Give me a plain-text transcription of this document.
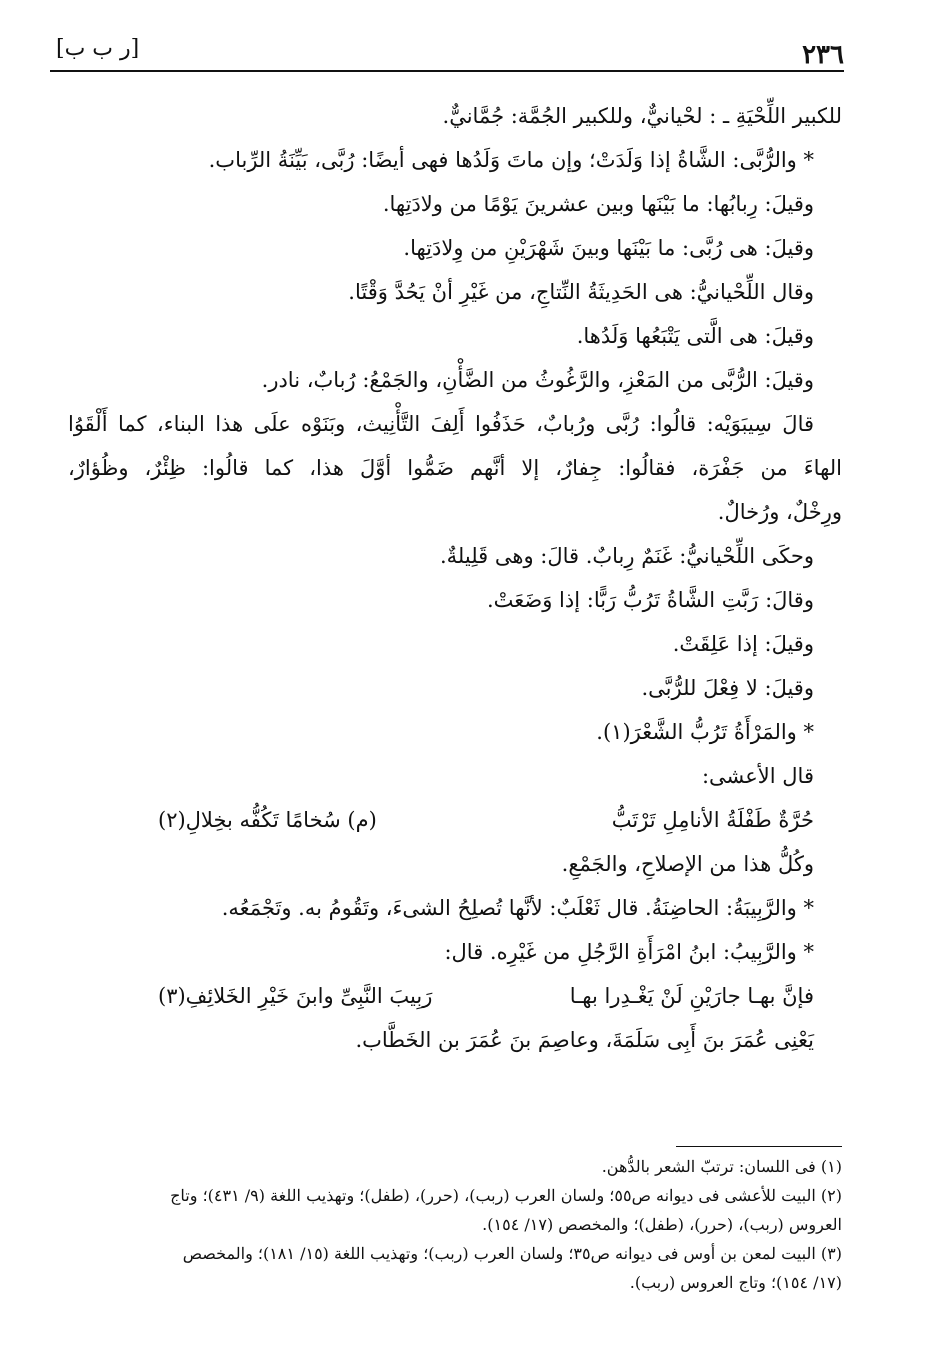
٢٣٦
[ر ب ب]
للكبير اللِّحْيَةِ ـ : لحْيانيٌّ، وللكبير الجُمَّة: جُمَّانيٌّ.
* والرُّبَّى: الشَّاةُ إذا وَلَدَتْ؛ وإن ماتَ وَلَدُها فهى أيضًا: رُبَّى، بَيِّنَةُ الرِّباب.
وقيلَ: رِبابُها: ما بَيْنَها وبين عشرينَ يَوْمًا من ولادَتِها.
وقيلَ: هى رُبَّى: ما بَيْنَها وبينَ شَهْرَيْنِ من وِلادَتِها.
وقال اللِّحْيانيُّ: هى الحَدِيثَةُ النِّتاجِ، من غَيْرِ أنْ يَحُدَّ وَقْتًا.
وقيلَ: هى الَّتى يَتْبَعُها وَلَدُها.
وقيلَ: الرُّبَّى من المَعْزِ، والرَّغُوثُ من الضَّأْنِ، والجَمْعُ: رُبابٌ، نادر.
قالَ سِيبَوَيْه: قالُوا: رُبَّى ورُبابٌ، حَذَفُوا أَلِفَ التَّأْنِيث، وبَنَوْه علَى هذا البناء، كما أَلْقَوُا
الهاءَ من جَفْرَة، فقالُوا: جِفارٌ، إلا أنَّهم ضَمُّوا أوَّلَ هذا، كما قالُوا: ظِئْرٌ، وظُؤارٌ،
ورِخْلٌ، ورُخالٌ.
وحكَى اللِّحْيانيُّ: غَنَمٌ رِبابٌ. قالَ: وهى قَلِيلةٌ.
وقالَ: رَبَّتِ الشَّاةُ تَرُبُّ رَبًّا: إذا وَضَعَتْ.
وقيلَ: إذا عَلِقَتْ.
وقيلَ: لا فِعْلَ للرُّبَّى.
* والمَرْأَةُ تَرُبُّ الشَّعْرَ(١).
قال الأعشى:
حُرَّةٌ طَفْلَةُ الأنامِلِ تَرْتَبُّ
(م) سُخامًا تَكُفُّه بخِلالِ(٢)
وكُلُّ هذا من الإصلاحِ، والجَمْعِ.
* والرَّبِيبَةُ: الحاضِنَةُ. قال ثَعْلَبٌ: لأنَّها تُصلِحُ الشىءَ، وتَقُومُ به. وتَجْمَعُه.
* والرَّبِيبُ: ابنُ امْرَأَةِ الرَّجُلِ من غَيْرِه. قال:
فإنَّ بهـا جارَيْنِ لَنْ يَغْـدِرا بهـا
رَبِيبَ النَّبِىِّ وابنَ خَيْرِ الخَلائِفِ(٣)
يَعْنِى عُمَرَ بنَ أَبِى سَلَمَةَ، وعاصِمَ بنَ عُمَرَ بن الخَطَّاب.
(١) فى اللسان: ترتبّ الشعر بالدُّهن.
(٢) البيت للأعشى فى ديوانه ص٥٥؛ ولسان العرب (ربب)، (حرر)، (طفل)؛ وتهذيب اللغة (٩/ ٤٣١)؛ وتاج
العروس (ربب)، (حرر)، (طفل)؛ والمخصص (١٧/ ١٥٤).
(٣) البيت لمعن بن أوس فى ديوانه ص٣٥؛ ولسان العرب (ربب)؛ وتهذيب اللغة (١٥/ ١٨١)؛ والمخصص
(١٧/ ١٥٤)؛ وتاج العروس (ربب).
